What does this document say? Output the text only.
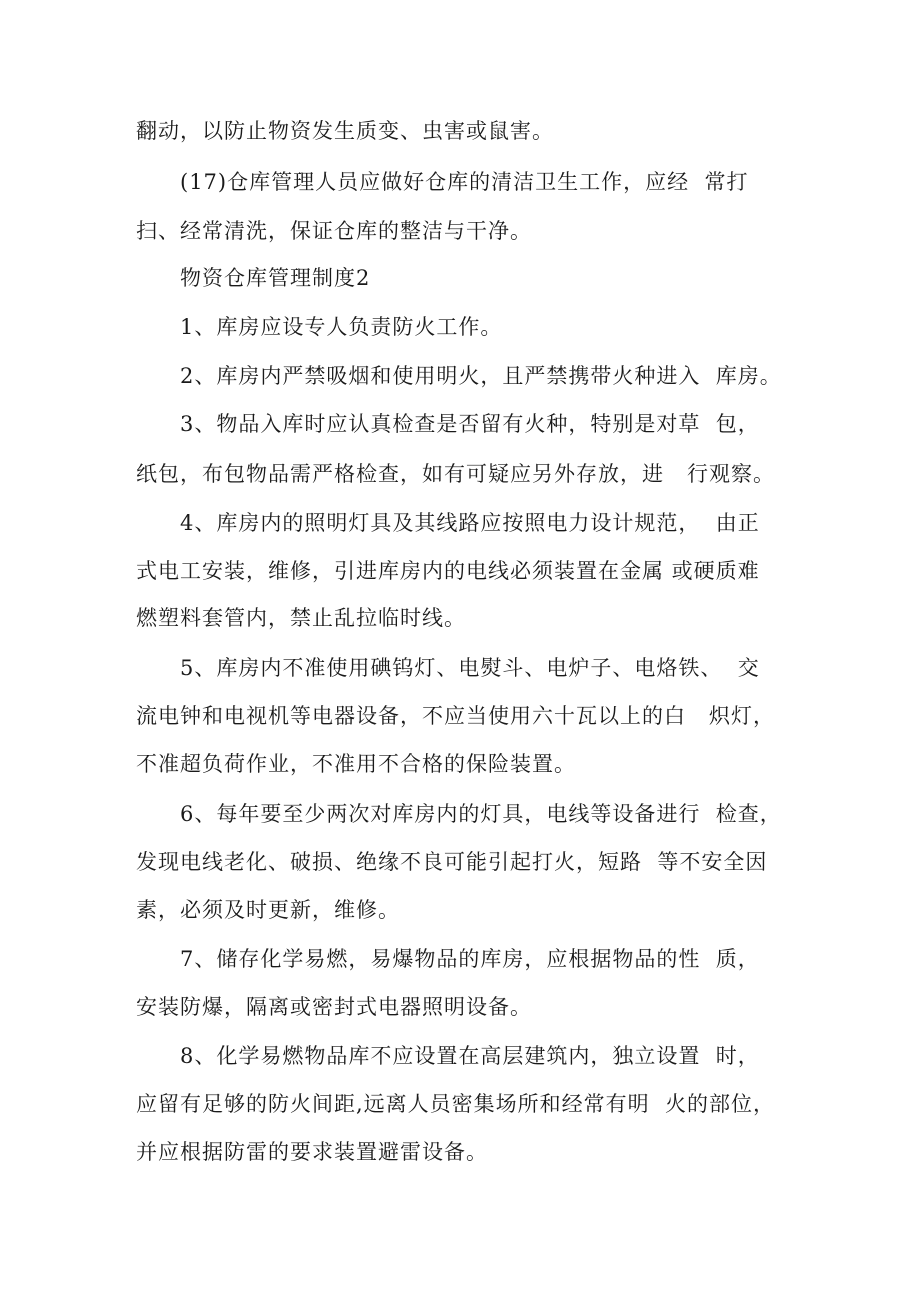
翻动，以防止物资发生质变、虫害或鼠害。
(17)仓库管理人员应做好仓库的清洁卫生工作，应经  常打
扫、经常清洗，保证仓库的整洁与干净。
物资仓库管理制度2
1、库房应设专人负责防火工作。
2、库房内严禁吸烟和使用明火，且严禁携带火种进入  库房。
3、物品入库时应认真检查是否留有火种，特别是对草  包，
纸包，布包物品需严格检查，如有可疑应另外存放，进   行观察。
4、库房内的照明灯具及其线路应按照电力设计规范，  由正
式电工安装，维修，引进库房内的电线必须装置在金属 或硬质难
燃塑料套管内，禁止乱拉临时线。
5、库房内不准使用碘钨灯、电熨斗、电炉子、电烙铁、  交
流电钟和电视机等电器设备，不应当使用六十瓦以上的白   炽灯，
不准超负荷作业，不准用不合格的保险装置。
6、每年要至少两次对库房内的灯具，电线等设备进行  检查，
发现电线老化、破损、绝缘不良可能引起打火，短路  等不安全因
素，必须及时更新，维修。
7、储存化学易燃，易爆物品的库房，应根据物品的性  质，
安装防爆，隔离或密封式电器照明设备。
8、化学易燃物品库不应设置在高层建筑内，独立设置  时，
应留有足够的防火间距,远离人员密集场所和经常有明  火的部位，
并应根据防雷的要求装置避雷设备。
